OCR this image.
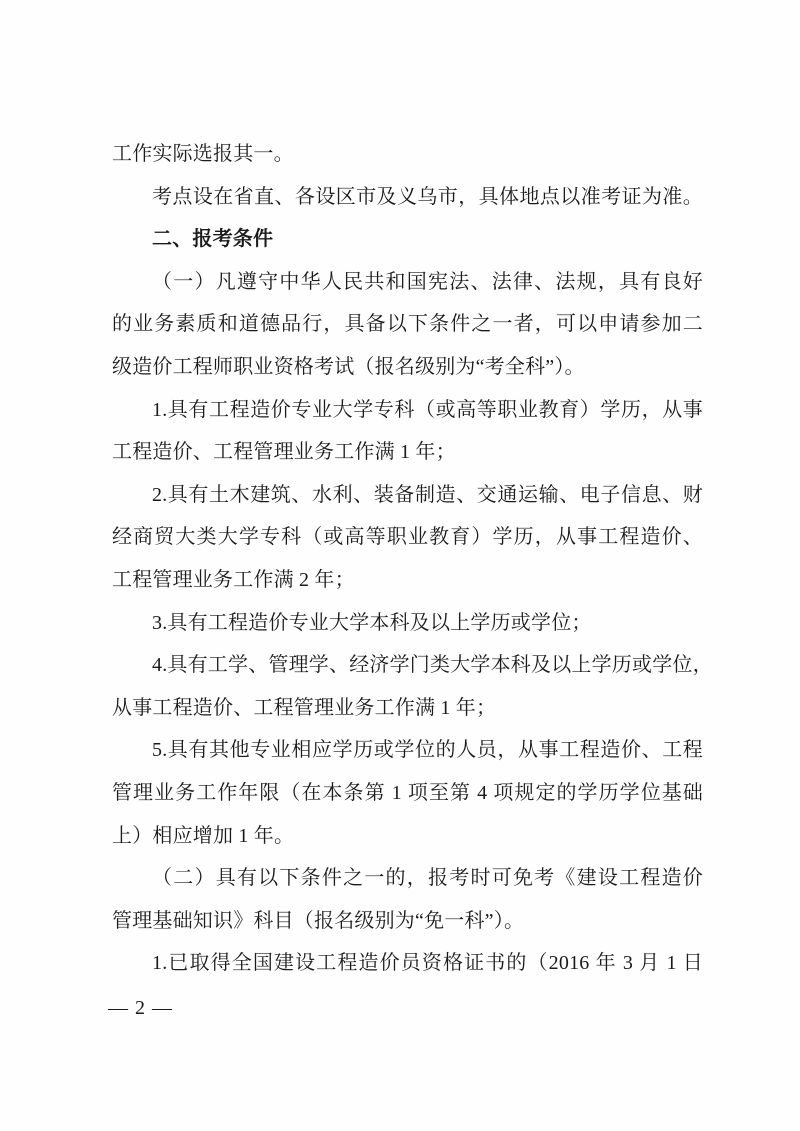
工作实际选报其一。
考点设在省直、各设区市及义乌市，具体地点以准考证为准。
二、报考条件
（一）凡遵守中华人民共和国宪法、法律、法规，具有良好
的业务素质和道德品行，具备以下条件之一者，可以申请参加二
级造价工程师职业资格考试（报名级别为“考全科”）。
1.具有工程造价专业大学专科（或高等职业教育）学历，从事
工程造价、工程管理业务工作满 1 年；
2.具有土木建筑、水利、装备制造、交通运输、电子信息、财
经商贸大类大学专科（或高等职业教育）学历，从事工程造价、
工程管理业务工作满 2 年；
3.具有工程造价专业大学本科及以上学历或学位；
4.具有工学、管理学、经济学门类大学本科及以上学历或学位，
从事工程造价、工程管理业务工作满 1 年；
5.具有其他专业相应学历或学位的人员，从事工程造价、工程
管理业务工作年限（在本条第 1 项至第 4 项规定的学历学位基础
上）相应增加 1 年。
（二）具有以下条件之一的，报考时可免考《建设工程造价
管理基础知识》科目（报名级别为“免一科”）。
1.已取得全国建设工程造价员资格证书的（2016 年 3 月 1 日
— 2 —
